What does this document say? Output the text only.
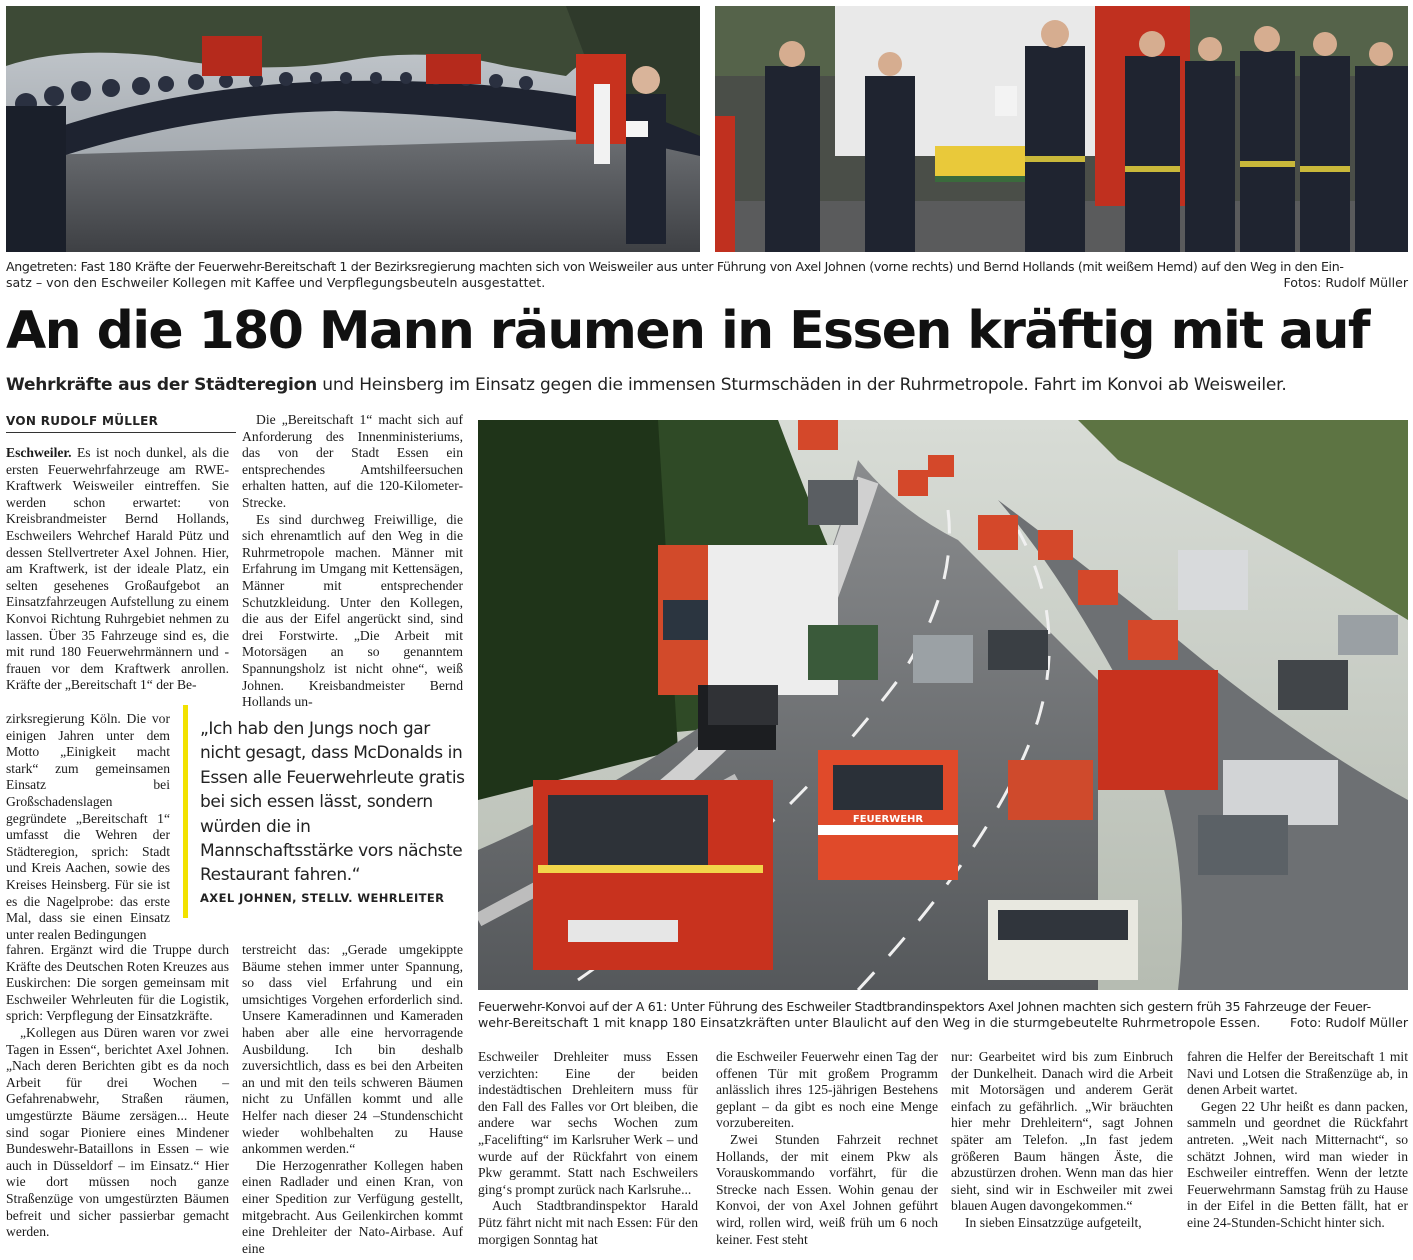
Angetreten: Fast 180 Kräfte der Feuerwehr-Bereitschaft 1 der Bezirksregierung machten sich von Weisweiler aus unter Führung von Axel Johnen (vorne rechts) und Bernd Hollands (mit weißem Hemd) auf den Weg in den Ein-
satz – von den Eschweiler Kollegen mit Kaffee und Verpflegungsbeuteln ausgestattet.	Fotos: Rudolf Müller
An die 180 Mann räumen in Essen kräftig mit auf
Wehrkräfte aus der Städteregion und Heinsberg im Einsatz gegen die immensen Sturmschäden in der Ruhrmetropole. Fahrt im Konvoi ab Weisweiler.
VON RUDOLF MÜLLER
FEUERWEHR
Feuerwehr-Konvoi auf der A 61: Unter Führung des Eschweiler Stadtbrandinspektors Axel Johnen machten sich gestern früh 35 Fahrzeuge der Feuer-
wehr-Bereitschaft 1 mit knapp 180 Einsatzkräften unter Blaulicht auf den Weg in die sturmgebeutelte Ruhrmetropole Essen. Foto: Rudolf Müller

Eschweiler. Es ist noch dunkel, als die ersten Feuerwehrfahrzeuge am RWE-Kraftwerk Weisweiler eintreffen. Sie werden schon erwartet: von Kreisbrandmeister Bernd Hollands, Eschweilers Wehrchef Harald Pütz und dessen Stellvertreter Axel Johnen. Hier, am Kraftwerk, ist der ideale Platz, ein selten gesehenes Großaufgebot an Einsatzfahrzeugen Aufstellung zu einem Konvoi Richtung Ruhrgebiet nehmen zu lassen. Über 35 Fahrzeuge sind es, die mit rund 180 Feuerwehrmännern und -frauen vor dem Kraftwerk anrollen. Kräfte der „Bereitschaft 1“ der Be-

zirksregierung Köln. Die vor einigen Jahren unter dem Motto „Einigkeit macht stark“ zum gemeinsamen Einsatz bei Großschadenslagen gegründete „Bereitschaft 1“ umfasst die Wehren der Städteregion, sprich: Stadt und Kreis Aachen, sowie des Kreises Heinsberg. Für sie ist es die Nagelprobe: das erste Mal, dass sie einen Einsatz unter realen Bedingungen

fahren. Ergänzt wird die Truppe durch Kräfte des Deutschen Roten Kreuzes aus Euskirchen: Die sorgen gemeinsam mit Eschweiler Wehrleuten für die Logistik, sprich: Verpflegung der Einsatzkräfte.

„Kollegen aus Düren waren vor zwei Tagen in Essen“, berichtet Axel Johnen. „Nach deren Berichten gibt es da noch Arbeit für drei Wochen – Gefahrenabwehr, Straßen räumen, umgestürzte Bäume zersägen... Heute sind sogar Pioniere eines Mindener Bundeswehr-Bataillons in Essen – wie auch in Düsseldorf – im Einsatz.“ Hier wie dort müssen noch ganze Straßenzüge von umgestürzten Bäumen befreit und sicher passierbar gemacht werden.

Die „Bereitschaft 1“ macht sich auf Anforderung des Innenministeriums, das von der Stadt Essen ein entsprechendes Amtshilfeersuchen erhalten hatten, auf die 120-Kilometer-Strecke.

Es sind durchweg Freiwillige, die sich ehrenamtlich auf den Weg in die Ruhrmetropole machen. Männer mit Erfahrung im Umgang mit Kettensägen, Männer mit entsprechender Schutzkleidung. Unter den Kollegen, die aus der Eifel angerückt sind, sind drei Forstwirte. „Die Arbeit mit Motorsägen an so genanntem Spannungsholz ist nicht ohne“, weiß Johnen. Kreisbandmeister Bernd Hollands un-

terstreicht das: „Gerade umgekippte Bäume stehen immer unter Spannung, so dass viel Erfahrung und ein umsichtiges Vorgehen erforderlich sind. Unsere Kameradinnen und Kameraden haben aber alle eine hervorragende Ausbildung. Ich bin deshalb zuversichtlich, dass es bei den Arbeiten an und mit den teils schweren Bäumen nicht zu Unfällen kommt und alle Helfer nach dieser 24 –Stundenschicht wieder wohlbehalten zu Hause ankommen werden.“

Die Herzogenrather Kollegen haben einen Radlader und einen Kran, von einer Spedition zur Verfügung gestellt, mitgebracht. Aus Geilenkirchen kommt eine Drehleiter der Nato-Airbase. Auf eine

„Ich hab den Jungs noch gar nicht gesagt, dass McDonalds in Essen alle Feuerwehrleute gratis bei sich essen lässt, sondern würden die in Mannschaftsstärke vors nächste Restaurant fahren.“
AXEL JOHNEN, STELLV. WEHRLEITER

Eschweiler Drehleiter muss Essen verzichten: Eine der beiden indestädtischen Drehleitern muss für den Fall des Falles vor Ort bleiben, die andere war sechs Wochen zum „Facelifting“ im Karlsruher Werk – und wurde auf der Rückfahrt von einem Pkw gerammt. Statt nach Eschweilers ging‘s prompt zurück nach Karlsruhe...

Auch Stadtbrandinspektor Harald Pütz fährt nicht mit nach Essen: Für den morgigen Sonntag hat

die Eschweiler Feuerwehr einen Tag der offenen Tür mit großem Programm anlässlich ihres 125-jährigen Bestehens geplant – da gibt es noch eine Menge vorzubereiten.

Zwei Stunden Fahrzeit rechnet Hollands, der mit einem Pkw als Vorauskommando vorfährt, für die Strecke nach Essen. Wohin genau der Konvoi, der von Axel Johnen geführt wird, rollen wird, weiß früh um 6 noch keiner. Fest steht

nur: Gearbeitet wird bis zum Einbruch der Dunkelheit. Danach wird die Arbeit mit Motorsägen und anderem Gerät einfach zu gefährlich. „Wir bräuchten hier mehr Drehleitern“, sagt Johnen später am Telefon. „In fast jedem größeren Baum hängen Äste, die abzustürzen drohen. Wenn man das hier sieht, sind wir in Eschweiler mit zwei blauen Augen davongekommen.“

In sieben Einsatzzüge aufgeteilt,

fahren die Helfer der Bereitschaft 1 mit Navi und Lotsen die Straßenzüge ab, in denen Arbeit wartet.

Gegen 22 Uhr heißt es dann packen, sammeln und geordnet die Rückfahrt antreten. „Weit nach Mitternacht“, so schätzt Johnen, wird man wieder in Eschweiler eintreffen. Wenn der letzte Feuerwehrmann Samstag früh zu Hause in der Eifel in die Betten fällt, hat er eine 24-Stunden-Schicht hinter sich.
